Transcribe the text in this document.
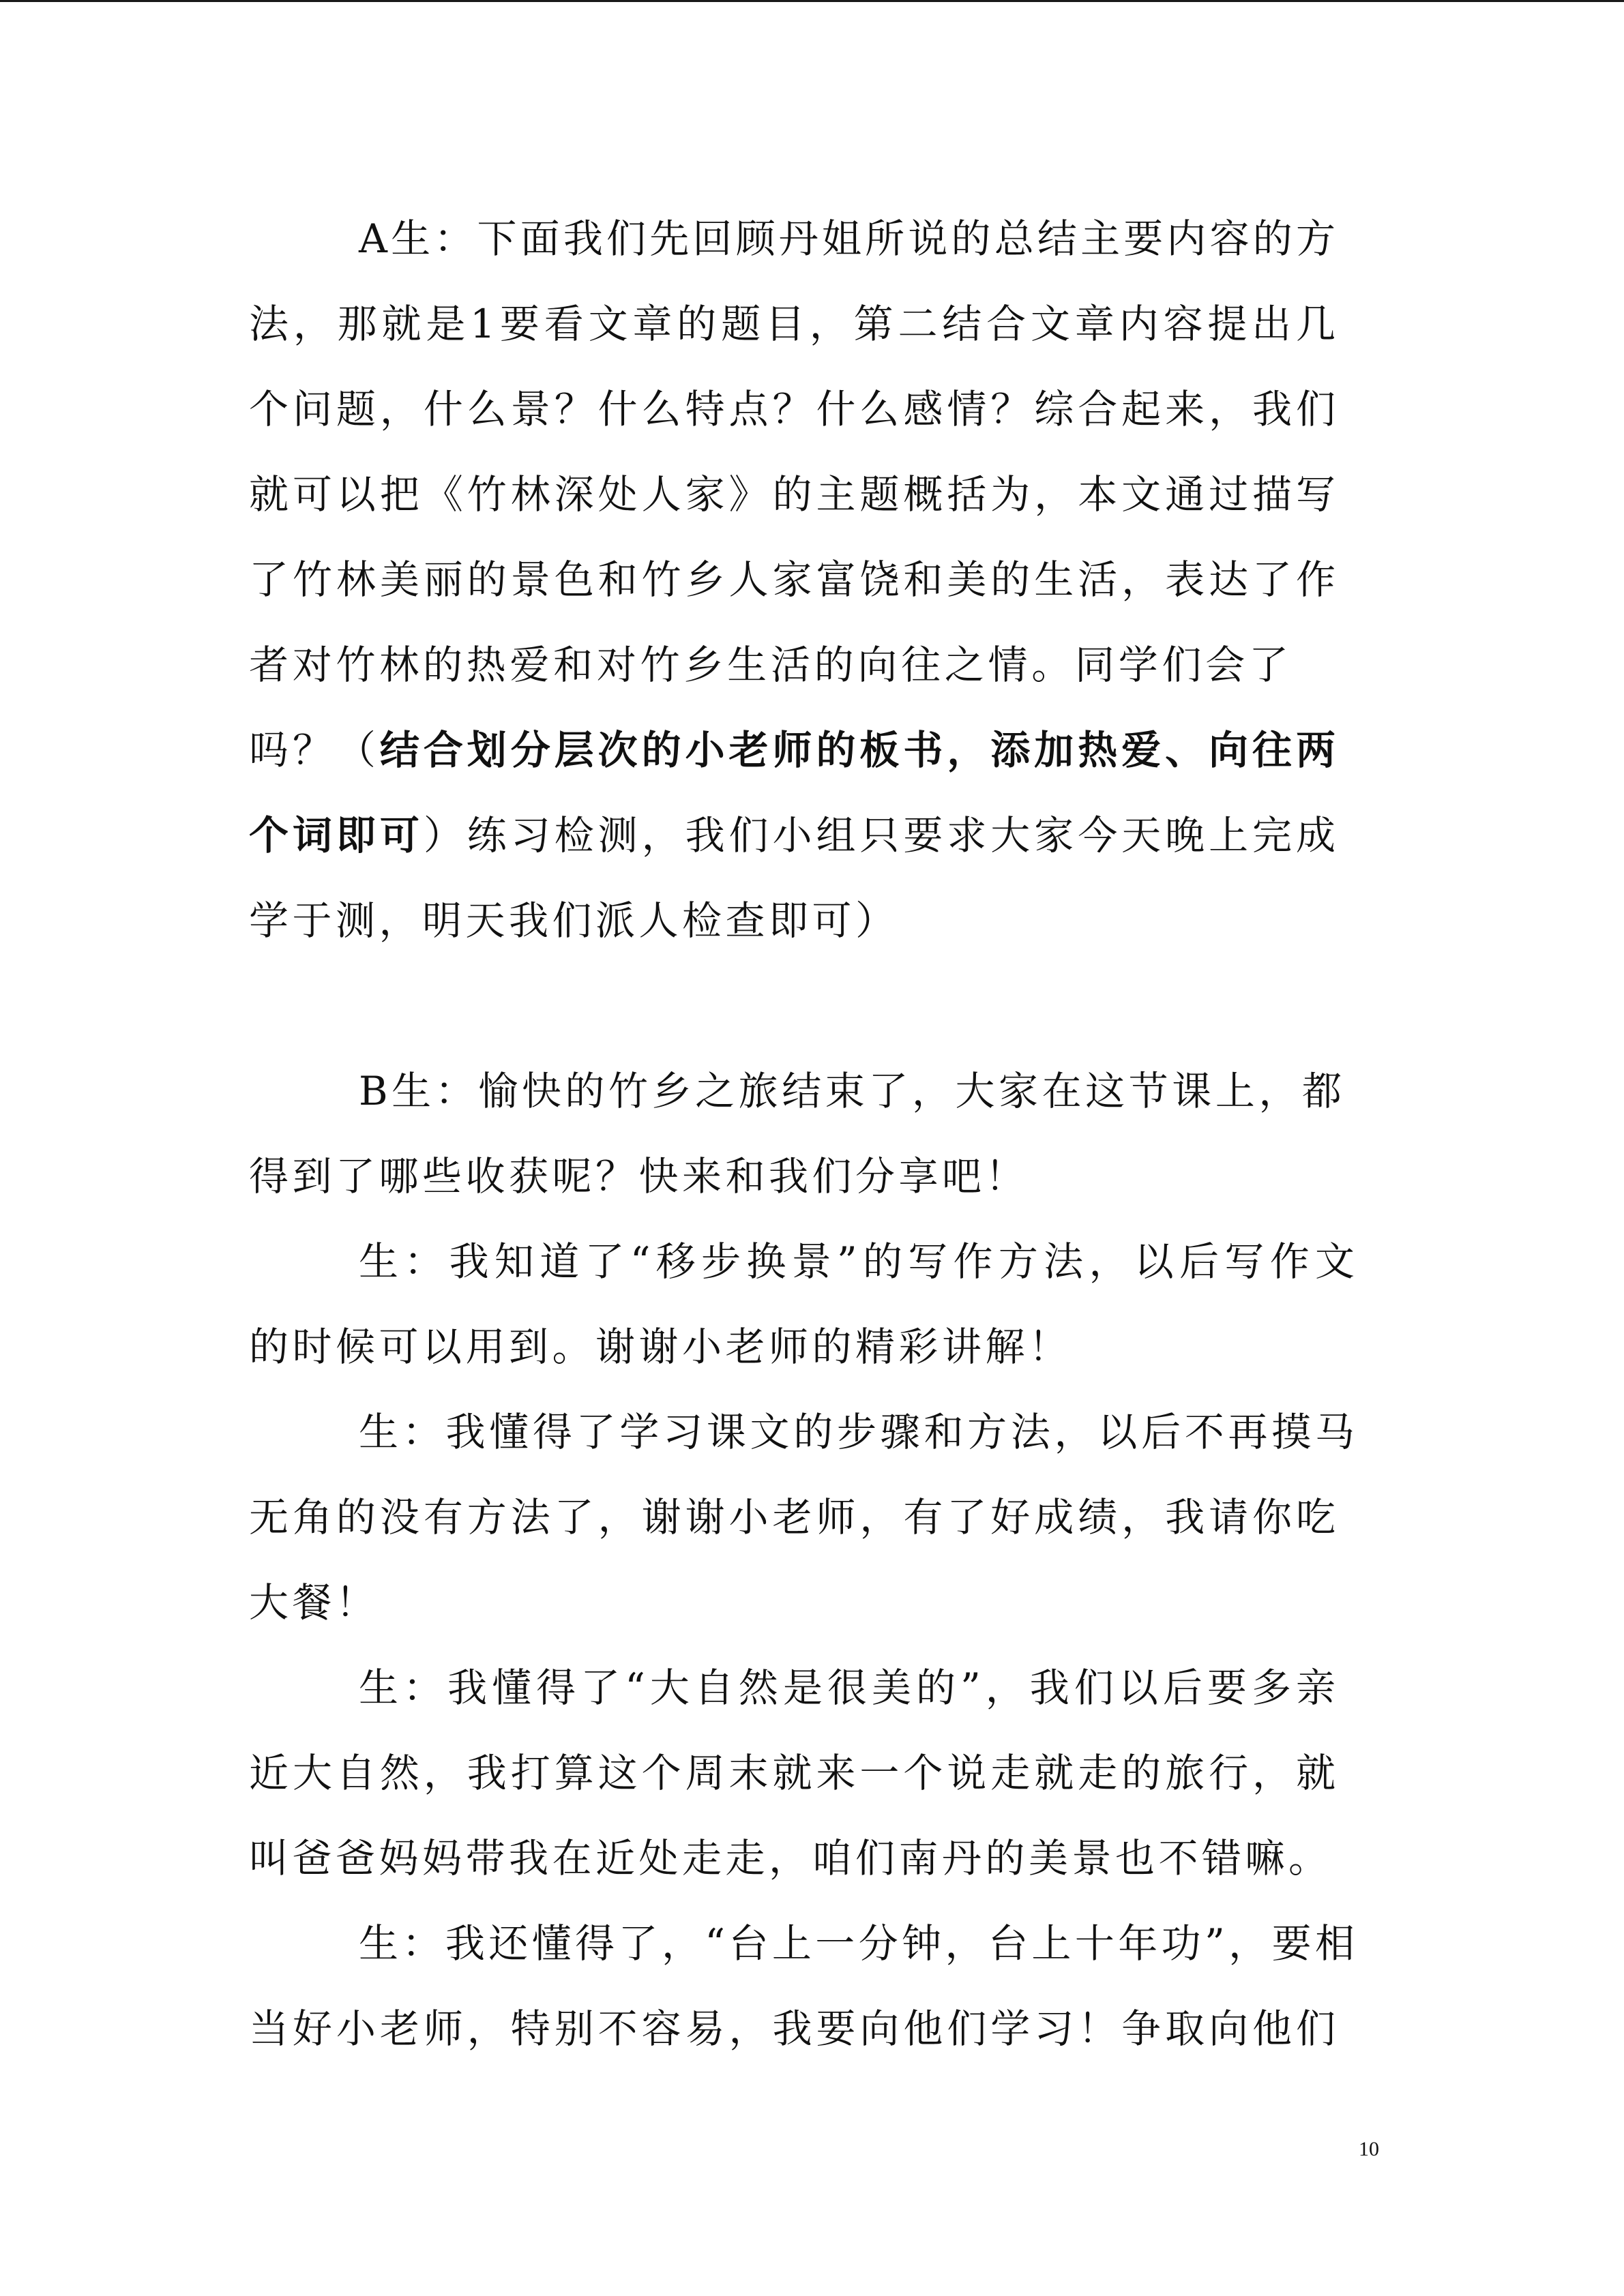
A生：下面我们先回顾丹姐所说的总结主要内容的方
法，那就是1要看文章的题目，第二结合文章内容提出几
个问题，什么景？什么特点？什么感情？综合起来，我们
就可以把《竹林深处人家》的主题概括为，本文通过描写
了竹林美丽的景色和竹乡人家富饶和美的生活，表达了作
者对竹林的热爱和对竹乡生活的向往之情。同学们会了
吗？（结合划分层次的小老师的板书，添加热爱、向往两
个词即可）练习检测，我们小组只要求大家今天晚上完成
学于测，明天我们派人检查即可）
B生：愉快的竹乡之旅结束了，大家在这节课上，都
得到了哪些收获呢？快来和我们分享吧！
生：我知道了“移步换景”的写作方法，以后写作文
的时候可以用到。谢谢小老师的精彩讲解！
生：我懂得了学习课文的步骤和方法，以后不再摸马
无角的没有方法了，谢谢小老师，有了好成绩，我请你吃
大餐！
生：我懂得了“大自然是很美的”，我们以后要多亲
近大自然，我打算这个周末就来一个说走就走的旅行，就
叫爸爸妈妈带我在近处走走，咱们南丹的美景也不错嘛。
生：我还懂得了，“台上一分钟，台上十年功”，要相
当好小老师，特别不容易，我要向他们学习！争取向他们
10
